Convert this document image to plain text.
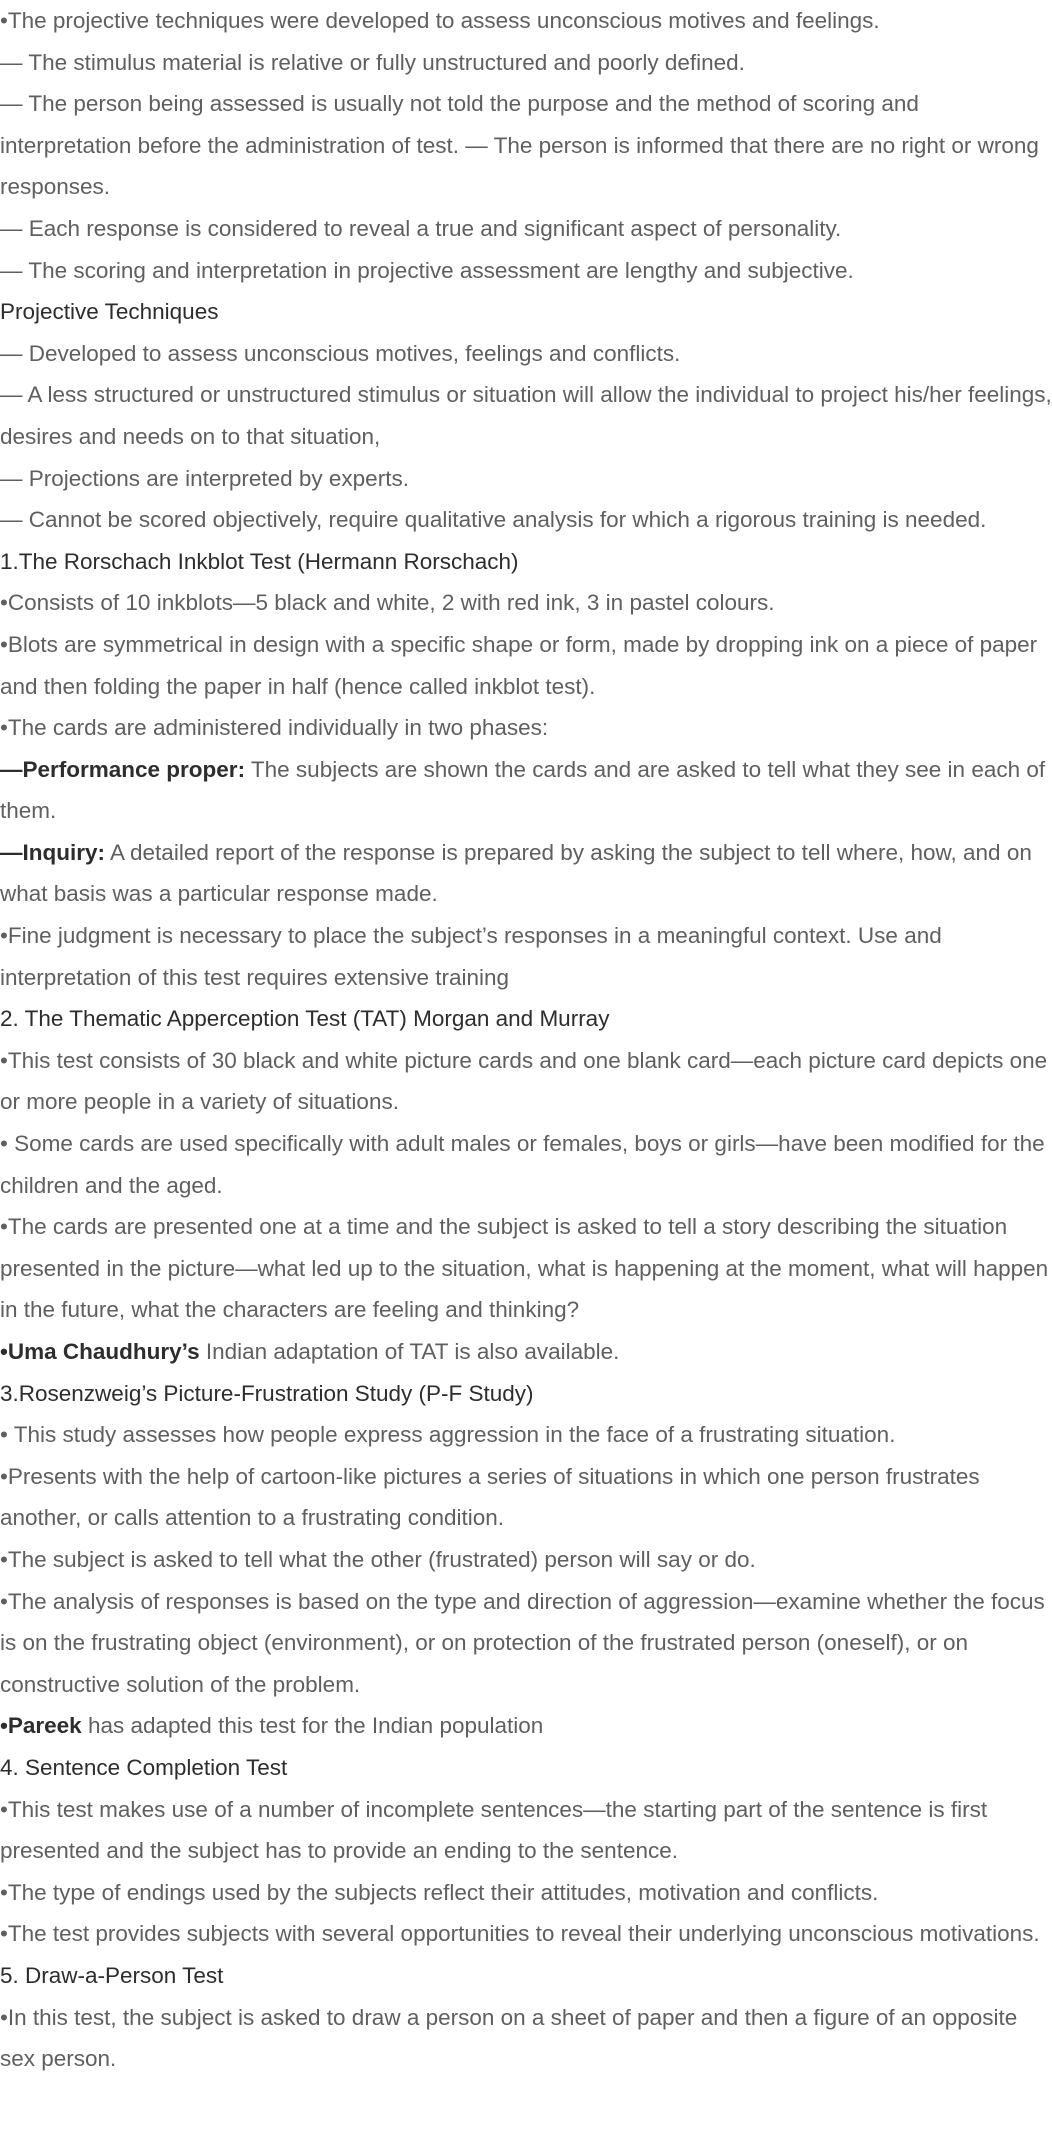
•The projective techniques were developed to assess unconscious motives and feelings.

— The stimulus material is relative or fully unstructured and poorly defined.

— The person being assessed is usually not told the purpose and the method of scoring and interpretation before the administration of test. — The person is informed that there are no right or wrong responses.

— Each response is considered to reveal a true and significant aspect of personality.

— The scoring and interpretation in projective assessment are lengthy and subjective.

Projective Techniques

— Developed to assess unconscious motives, feelings and conflicts.

— A less structured or unstructured stimulus or situation will allow the individual to project his/her feelings, desires and needs on to that situation,

— Projections are interpreted by experts.

— Cannot be scored objectively, require qualitative analysis for which a rigorous training is needed.

1.The Rorschach Inkblot Test (Hermann Rorschach)

•Consists of 10 inkblots—5 black and white, 2 with red ink, 3 in pastel colours.

•Blots are symmetrical in design with a specific shape or form, made by dropping ink on a piece of paper and then folding the paper in half (hence called inkblot test).

•The cards are administered individually in two phases:

—Performance proper: The subjects are shown the cards and are asked to tell what they see in each of them.

—Inquiry: A detailed report of the response is prepared by asking the subject to tell where, how, and on what basis was a particular response made.

•Fine judgment is necessary to place the subject’s responses in a meaningful context. Use and interpretation of this test requires extensive training

2. The Thematic Apperception Test (TAT) Morgan and Murray

•This test consists of 30 black and white picture cards and one blank card—each picture card depicts one or more people in a variety of situations.

• Some cards are used specifically with adult males or females, boys or girls—have been modified for the children and the aged.

•The cards are presented one at a time and the subject is asked to tell a story describing the situation presented in the picture—what led up to the situation, what is happening at the moment, what will happen in the future, what the characters are feeling and thinking?

•Uma Chaudhury’s Indian adaptation of TAT is also available.

3.Rosenzweig’s Picture-Frustration Study (P-F Study)

• This study assesses how people express aggression in the face of a frustrating situation.

•Presents with the help of cartoon-like pictures a series of situations in which one person frustrates another, or calls attention to a frustrating condition.

•The subject is asked to tell what the other (frustrated) person will say or do.

•The analysis of responses is based on the type and direction of aggression—examine whether the focus is on the frustrating object (environment), or on protection of the frustrated person (oneself), or on constructive solution of the problem.

•Pareek has adapted this test for the Indian population

4. Sentence Completion Test

•This test makes use of a number of incomplete sentences—the starting part of the sentence is first presented and the subject has to provide an ending to the sentence.

•The type of endings used by the subjects reflect their attitudes, motivation and conflicts.

•The test provides subjects with several opportunities to reveal their underlying unconscious motivations.

5. Draw-a-Person Test

•In this test, the subject is asked to draw a person on a sheet of paper and then a figure of an opposite sex person.
